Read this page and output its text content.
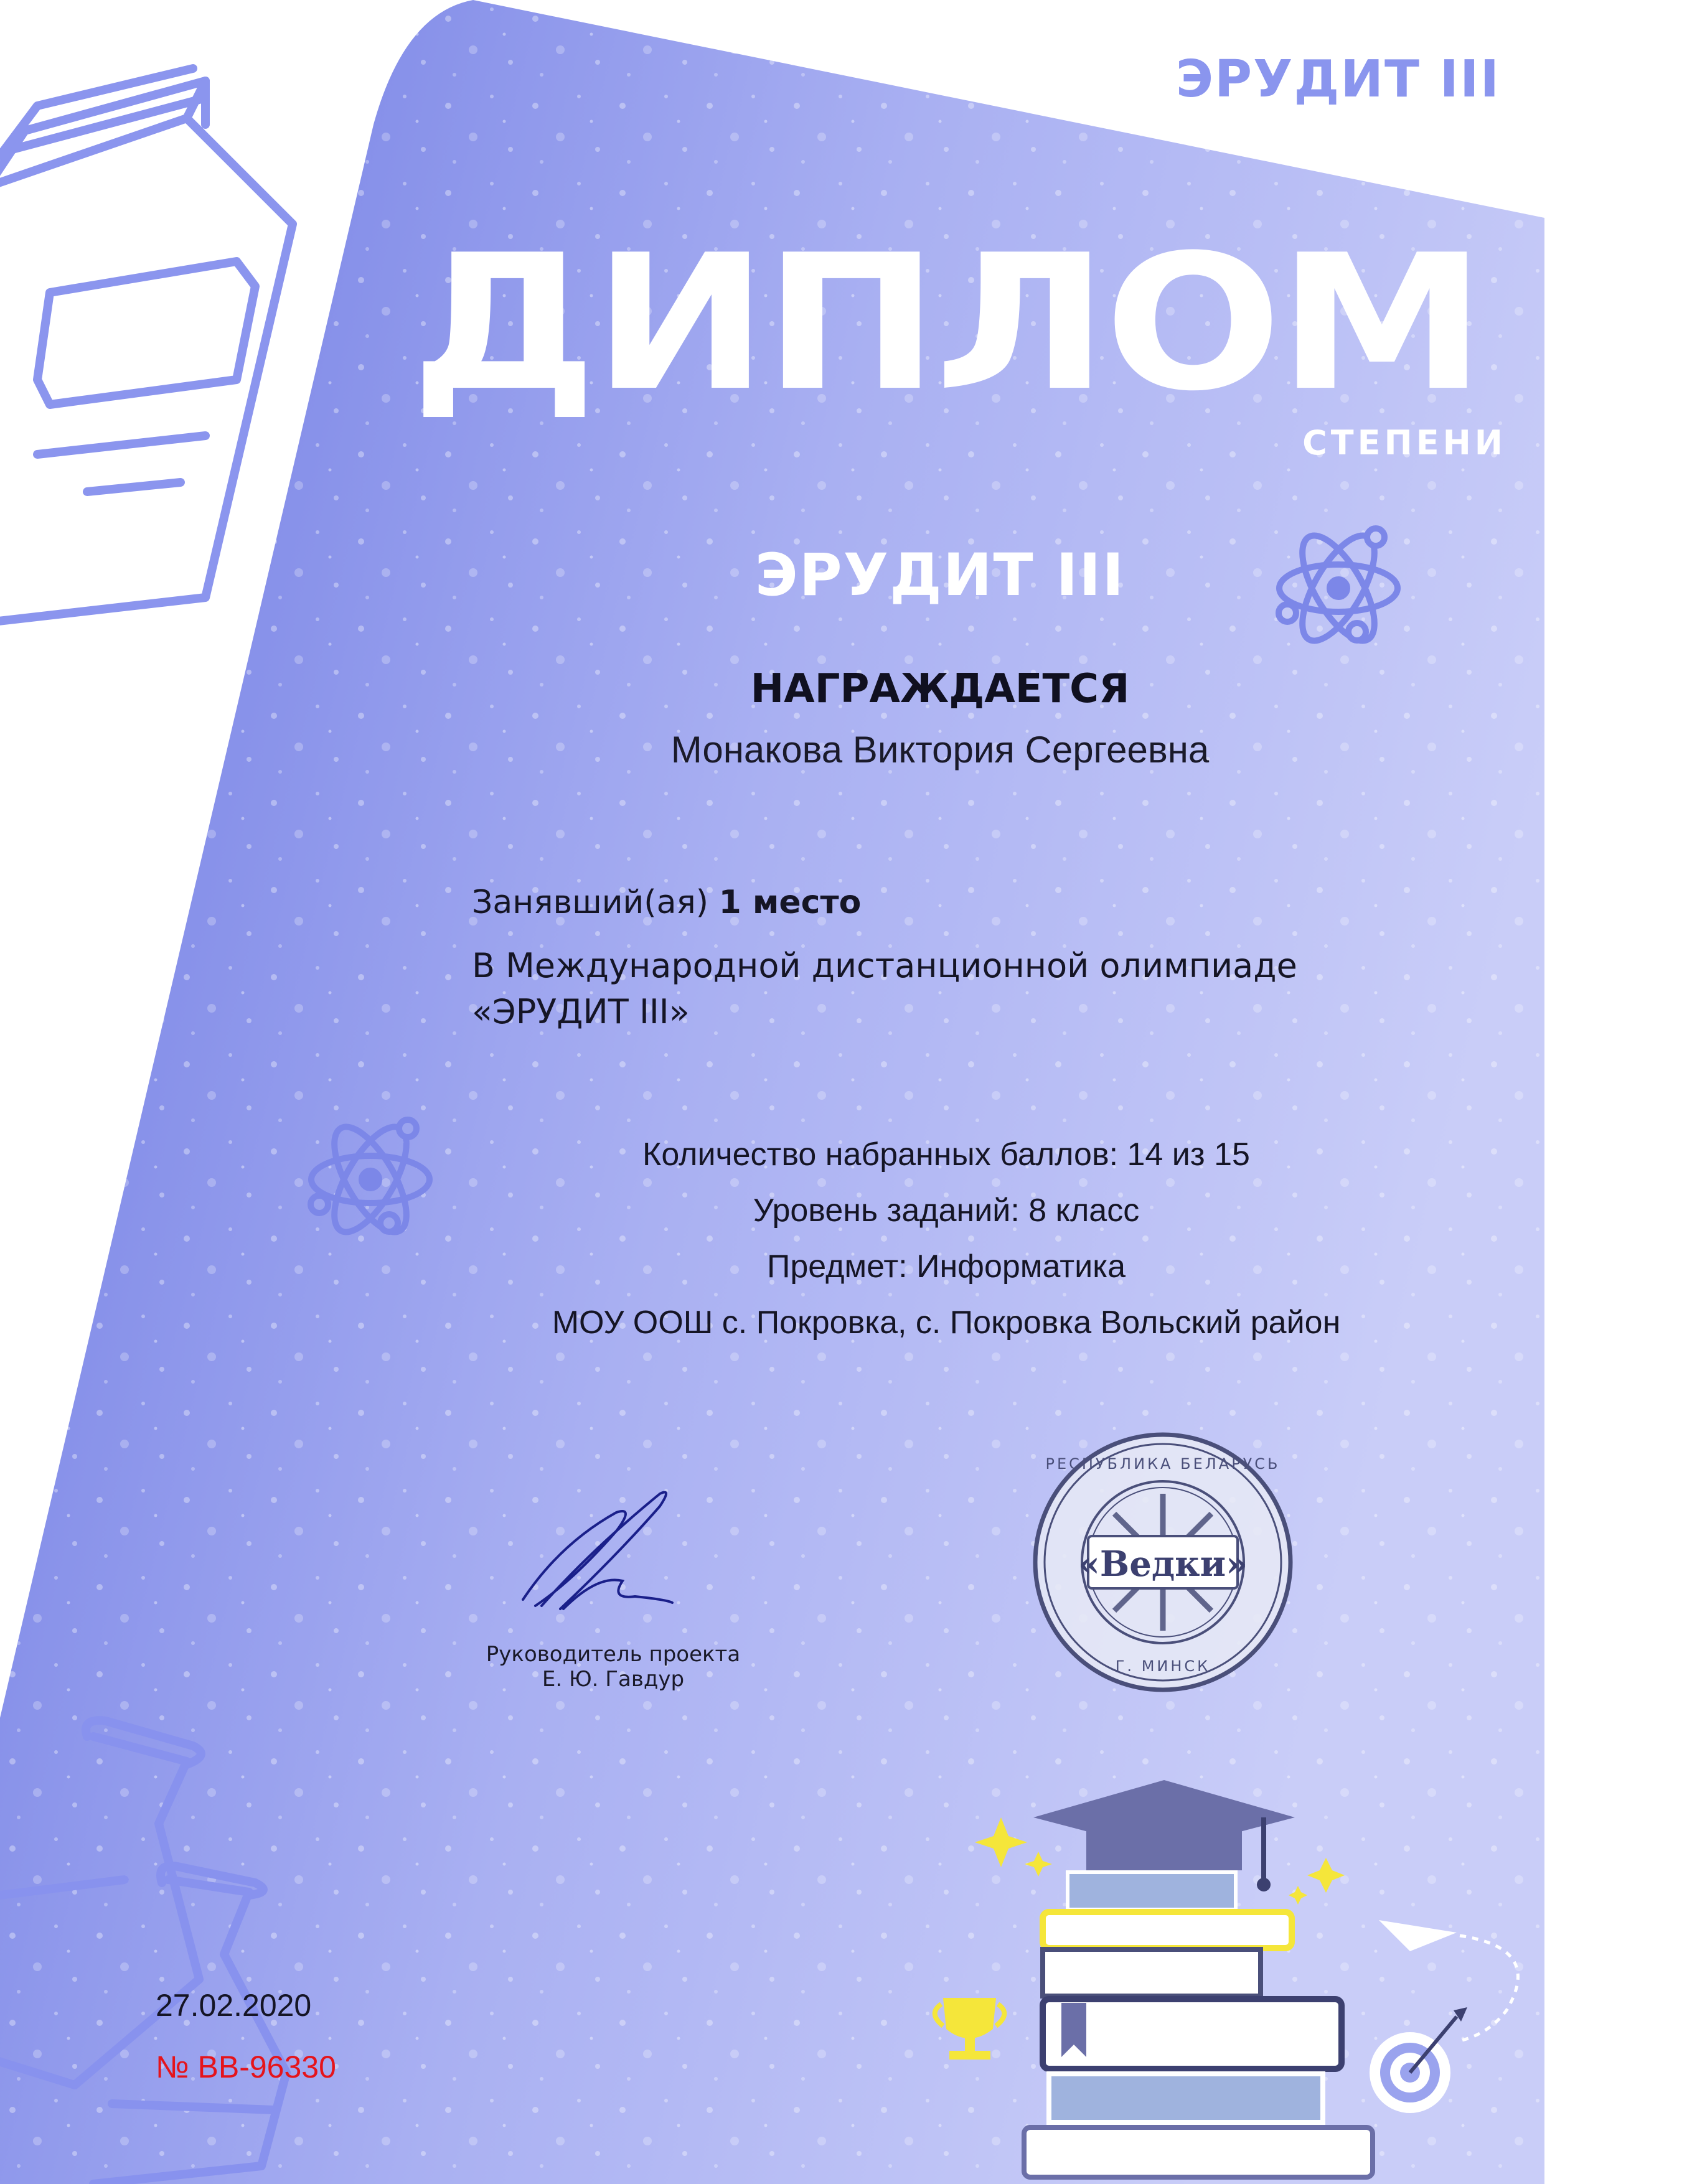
«Ведки»
РЕСПУБЛИКА БЕЛАРУСЬ
Г. МИНСК
ЭРУДИТ III
ДИПЛОМ 1
СТЕПЕНИ
ЭРУДИТ III
НАГРАЖДАЕТСЯ
Монакова Виктория Сергеевна
Занявший(ая) 1 место
В Международной дистанционной олимпиаде
«ЭРУДИТ III»
Количество набранных баллов: 14 из 15
Уровень заданий: 8 класс
Предмет: Информатика
МОУ ООШ с. Покровка, с. Покровка Вольский район
Руководитель проекта
Е. Ю. Гавдур
27.02.2020
№ ВВ-96330
